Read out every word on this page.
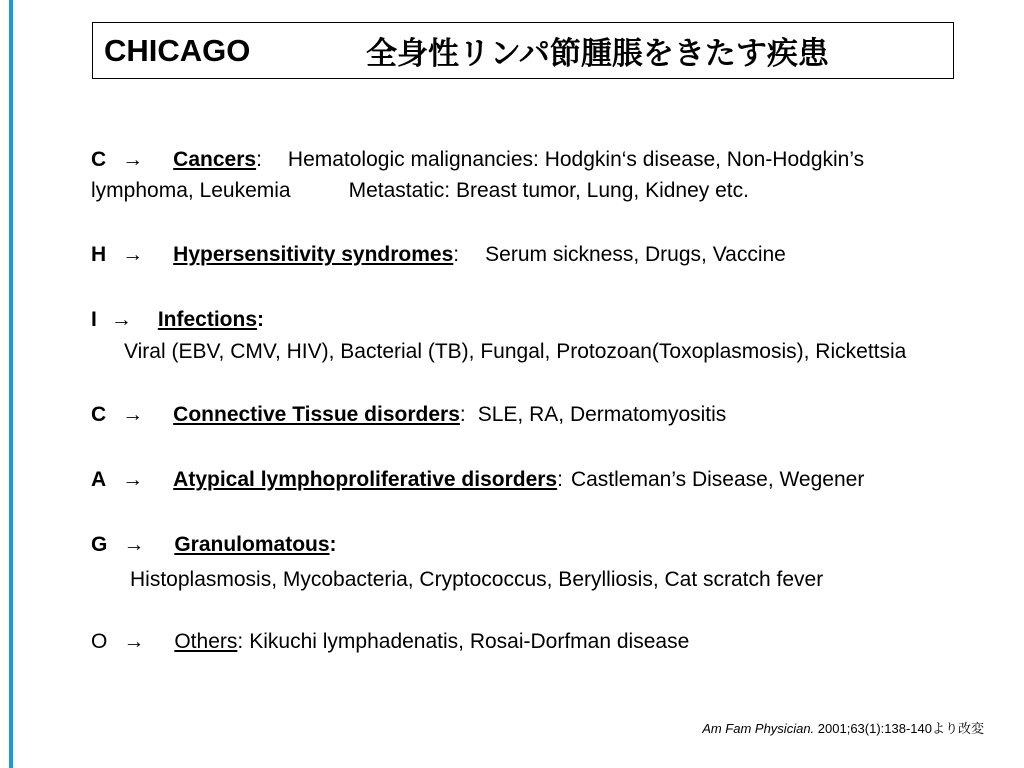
CHICAGO	全身性リンパ節腫脹をきたす疾患
C → Cancers: Hematologic malignancies: Hodgkin‘s disease, Non-Hodgkin’s
lymphoma, Leukemia	Metastatic: Breast tumor, Lung, Kidney etc.
H → Hypersensitivity syndromes: Serum sickness, Drugs, Vaccine
I → Infections:
Viral (EBV, CMV, HIV), Bacterial (TB), Fungal, Protozoan(Toxoplasmosis), Rickettsia
C → Connective Tissue disorders: SLE, RA, Dermatomyositis
A → Atypical lymphoproliferative disorders: Castleman’s Disease, Wegener
G → Granulomatous:
Histoplasmosis, Mycobacteria, Cryptococcus, Berylliosis, Cat scratch fever
O → Others: Kikuchi lymphadenatis, Rosai-Dorfman disease
Am Fam Physician. 2001;63(1):138-140より改変
